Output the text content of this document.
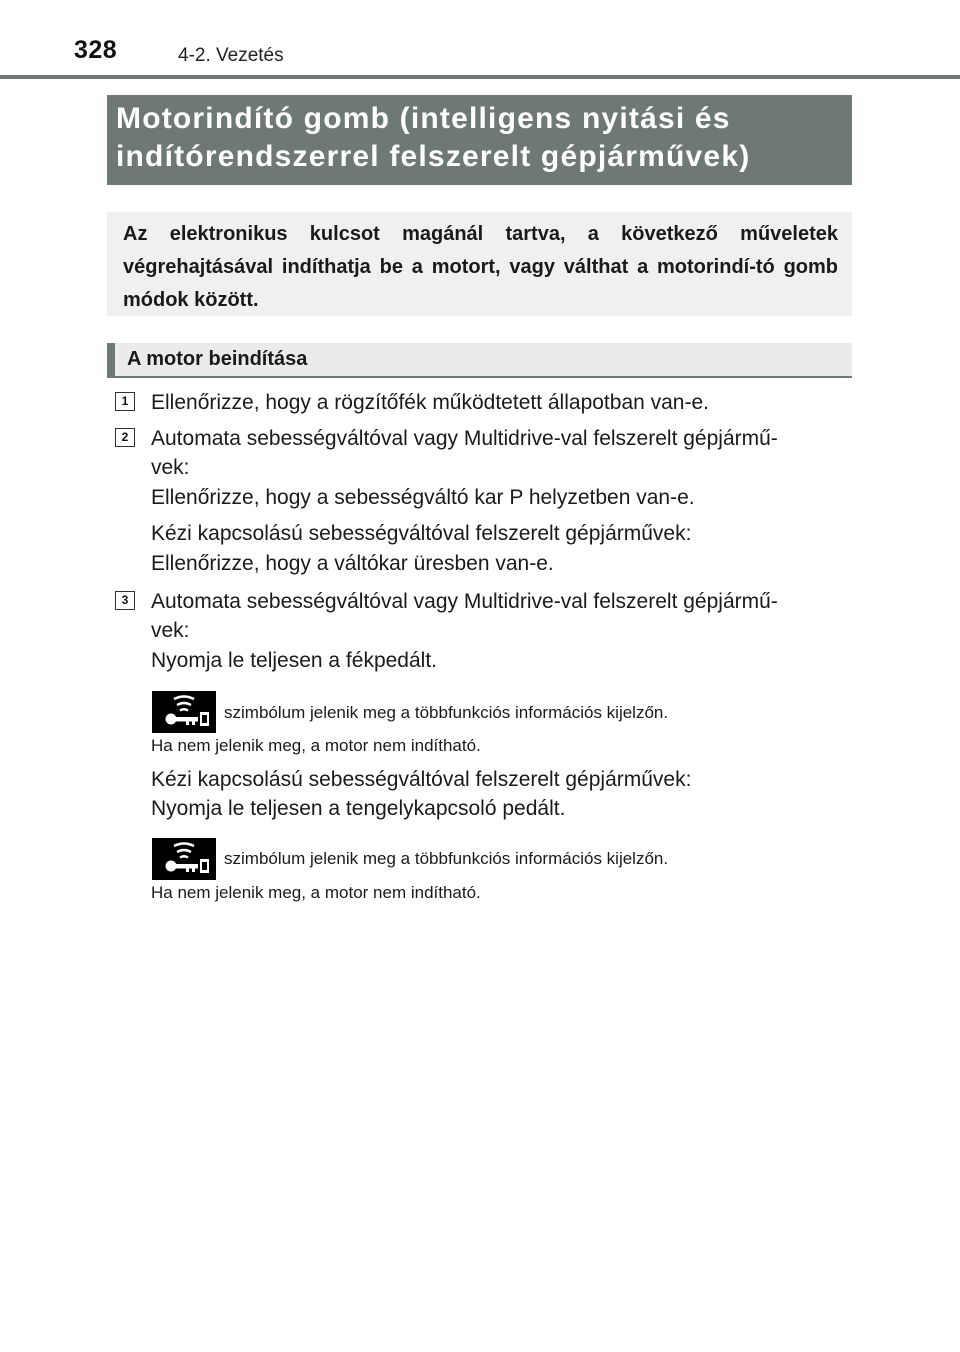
328	4-2. Vezetés
Motorindító gomb (intelligens nyitási és
indítórendszerrel felszerelt gépjárművek)
Az elektronikus kulcsot magánál tartva, a következő műveletek végrehajtásával indíthatja be a motort, vagy válthat a motorindí-tó gomb módok között.
A motor beindítása
1	Ellenőrizze, hogy a rögzítőfék működtetett állapotban van-e.
2	Automata sebességváltóval vagy Multidrive-val felszerelt gépjármű-
vek:
Ellenőrizze, hogy a sebességváltó kar P helyzetben van-e.
Kézi kapcsolású sebességváltóval felszerelt gépjárművek:
Ellenőrizze, hogy a váltókar üresben van-e.
3	Automata sebességváltóval vagy Multidrive-val felszerelt gépjármű-
vek:
Nyomja le teljesen a fékpedált.
szimbólum jelenik meg a többfunkciós információs kijelzőn.
Ha nem jelenik meg, a motor nem indítható.
Kézi kapcsolású sebességváltóval felszerelt gépjárművek:
Nyomja le teljesen a tengelykapcsoló pedált.
szimbólum jelenik meg a többfunkciós információs kijelzőn.
Ha nem jelenik meg, a motor nem indítható.
